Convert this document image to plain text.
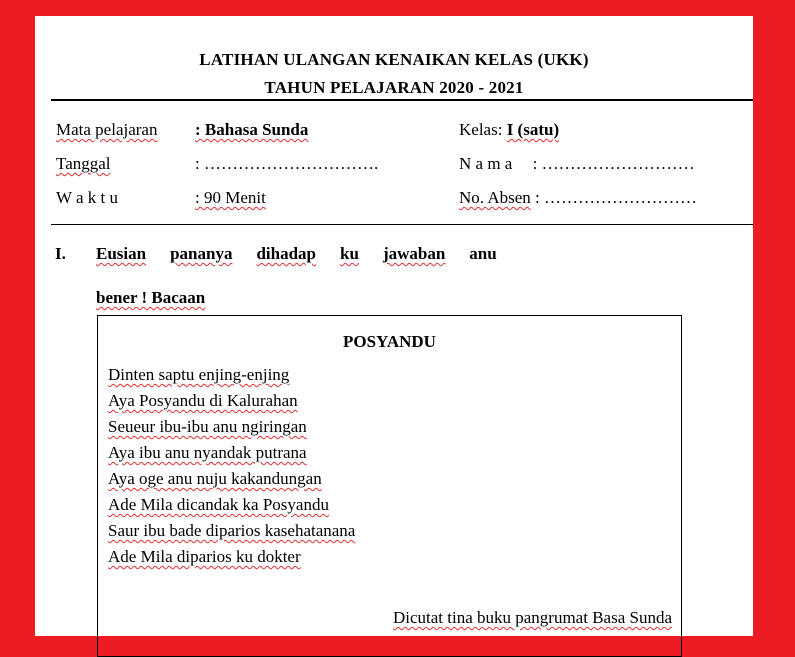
LATIHAN ULANGAN KENAIKAN KELAS (UKK)
TAHUN PELAJARAN 2020 - 2021
Mata pelajaran : Bahasa Sunda
Tanggal	: ………………………….
W a k t u	: 90 Menit
Kelas: I (satu)
N a m a : ………………………
No. Absen : ………………………
I. Eusian pananya dihadap ku jawaban anu
bener ! Bacaan
POSYANDU
Dinten saptu enjing-enjing
Aya Posyandu di Kalurahan
Seueur ibu-ibu anu ngiringan
Aya ibu anu nyandak putrana
Aya oge anu nuju kakandungan
Ade Mila dicandak ka Posyandu
Saur ibu bade diparios kasehatanana
Ade Mila diparios ku dokter
Dicutat tina buku pangrumat Basa Sunda
